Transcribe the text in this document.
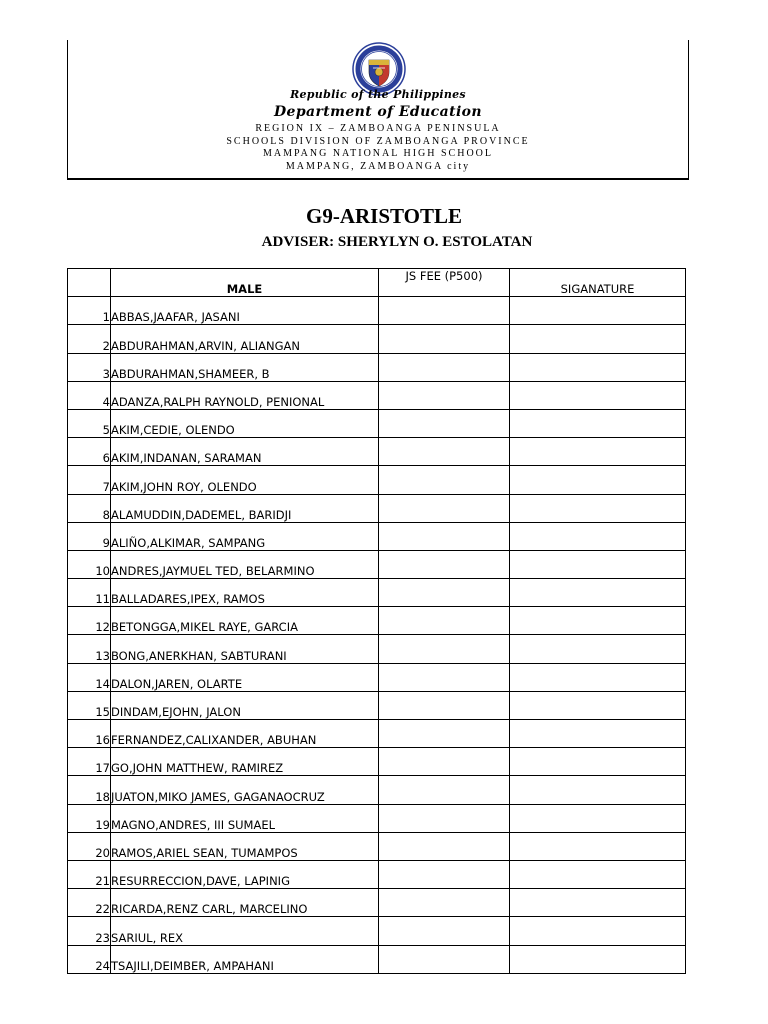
Republic of the Philippines
Department of Education
REGION IX – ZAMBOANGA PENINSULA
SCHOOLS DIVISION OF ZAMBOANGA PROVINCE
MAMPANG NATIONAL HIGH SCHOOL
MAMPANG, ZAMBOANGA city
G9-ARISTOTLE
ADVISER: SHERYLYN O. ESTOLATAN
	MALE	JS FEE (P500)	SIGANATURE
1	ABBAS,JAAFAR, JASANI		
2	ABDURAHMAN,ARVIN, ALIANGAN		
3	ABDURAHMAN,SHAMEER, B		
4	ADANZA,RALPH RAYNOLD, PENIONAL		
5	AKIM,CEDIE, OLENDO		
6	AKIM,INDANAN, SARAMAN		
7	AKIM,JOHN ROY, OLENDO		
8	ALAMUDDIN,DADEMEL, BARIDJI		
9	ALIÑO,ALKIMAR, SAMPANG		
10	ANDRES,JAYMUEL TED, BELARMINO		
11	BALLADARES,IPEX, RAMOS		
12	BETONGGA,MIKEL RAYE, GARCIA		
13	BONG,ANERKHAN, SABTURANI		
14	DALON,JAREN, OLARTE		
15	DINDAM,EJOHN, JALON		
16	FERNANDEZ,CALIXANDER, ABUHAN		
17	GO,JOHN MATTHEW, RAMIREZ		
18	JUATON,MIKO JAMES, GAGANAOCRUZ		
19	MAGNO,ANDRES, III SUMAEL		
20	RAMOS,ARIEL SEAN, TUMAMPOS		
21	RESURRECCION,DAVE, LAPINIG		
22	RICARDA,RENZ CARL, MARCELINO		
23	SARIUL, REX		
24	TSAJILI,DEIMBER, AMPAHANI		
